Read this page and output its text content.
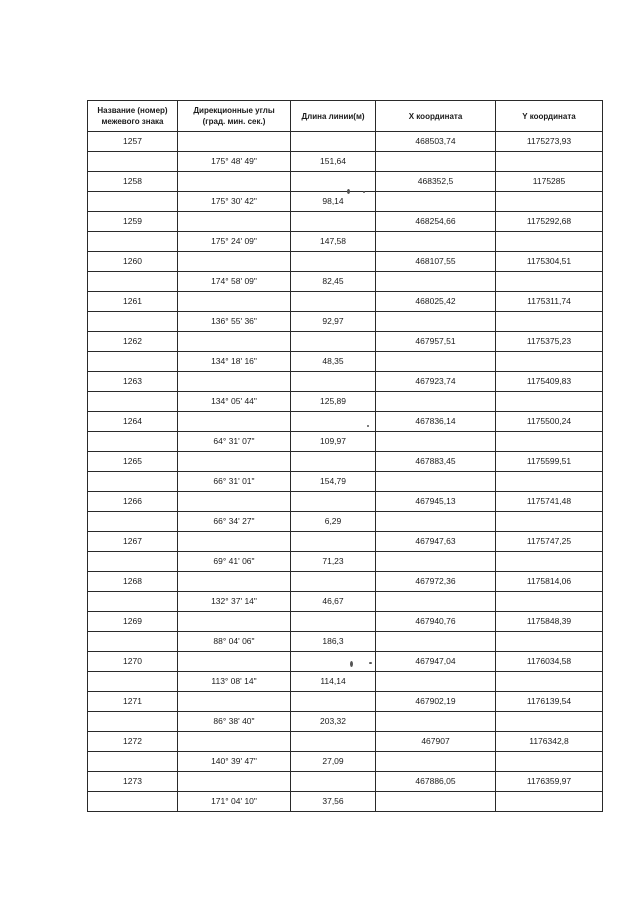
Название (номер)
межевого знака	Дирекционные углы
(град. мин. сек.)	Длина линии(м)	X координата	Y координата
1257			468503,74	1175273,93
	175° 48' 49"	151,64		
1258			468352,5	1175285
	175° 30' 42"	98,14		
1259			468254,66	1175292,68
	175° 24' 09"	147,58		
1260			468107,55	1175304,51
	174° 58' 09"	82,45		
1261			468025,42	1175311,74
	136° 55' 36"	92,97		
1262			467957,51	1175375,23
	134° 18' 16"	48,35		
1263			467923,74	1175409,83
	134° 05' 44"	125,89		
1264			467836,14	1175500,24
	64° 31' 07"	109,97		
1265			467883,45	1175599,51
	66° 31' 01"	154,79		
1266			467945,13	1175741,48
	66° 34' 27"	6,29		
1267			467947,63	1175747,25
	69° 41' 06"	71,23		
1268			467972,36	1175814,06
	132° 37' 14"	46,67		
1269			467940,76	1175848,39
	88° 04' 06"	186,3		
1270			467947,04	1176034,58
	113° 08' 14"	114,14		
1271			467902,19	1176139,54
	86° 38' 40"	203,32		
1272			467907	1176342,8
	140° 39' 47"	27,09		
1273			467886,05	1176359,97
	171° 04' 10"	37,56		
